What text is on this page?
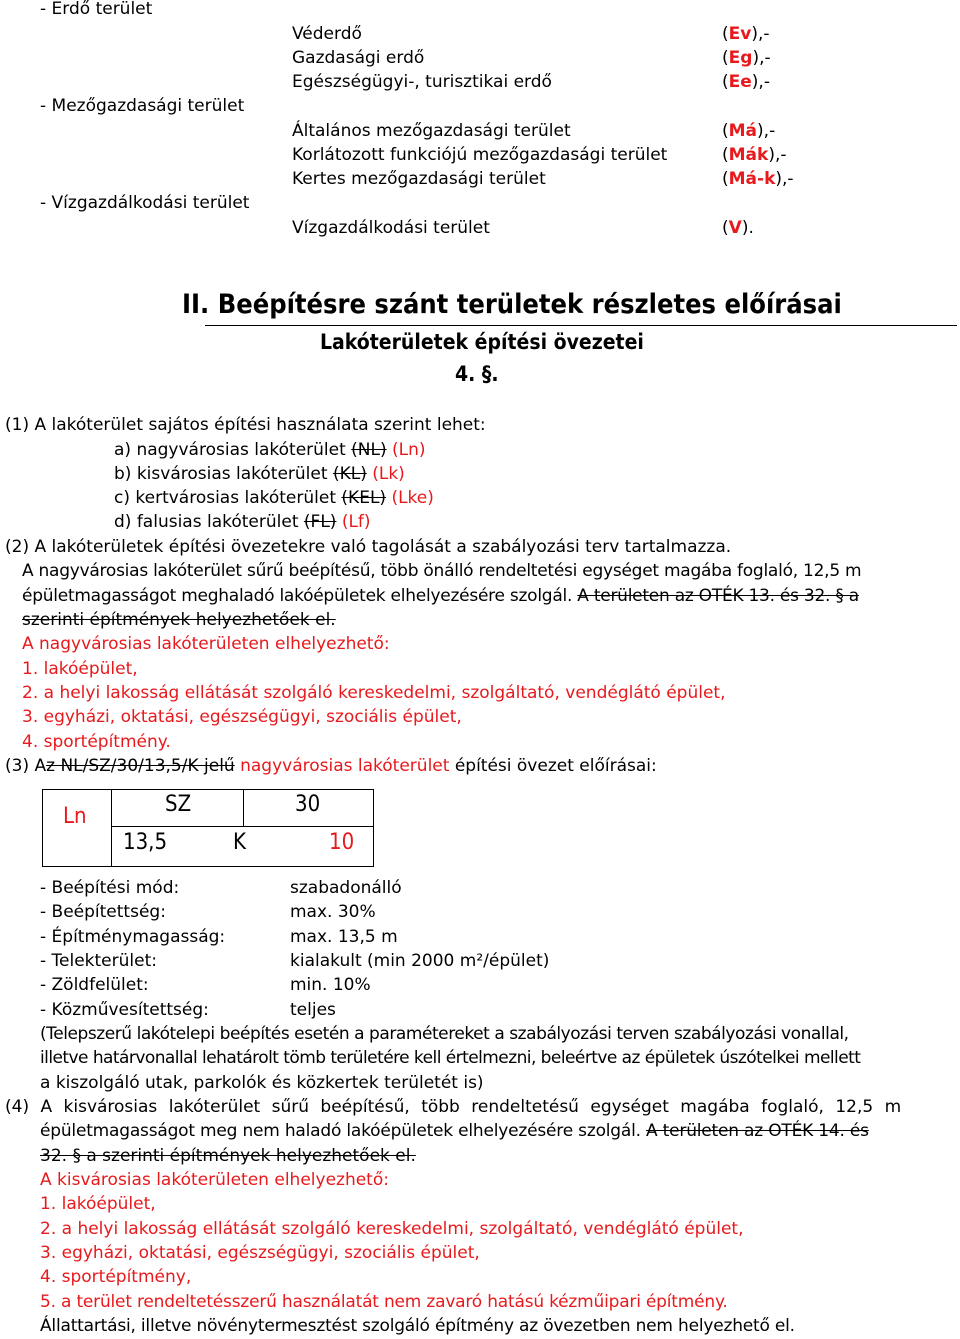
- Erdő terület
- Mezőgazdasági terület
- Vízgazdálkodási terület
Véderdő	(Ev),-
Gazdasági erdő	(Eg),-
Egészségügyi-, turisztikai erdő	(Ee),-
Általános mezőgazdasági terület	(Má),-
Korlátozott funkciójú mezőgazdasági terület	(Mák),-
Kertes mezőgazdasági terület	(Má-k),-
Vízgazdálkodási terület	(V).
II. Beépítésre szánt területek részletes előírásai
Lakóterületek építési övezetei
4. §.
(1) A lakóterület sajátos építési használata szerint lehet:
a) nagyvárosias lakóterület (NL) (Ln)
b) kisvárosias lakóterület (KL) (Lk)
c) kertvárosias lakóterület (KEL) (Lke)
d) falusias lakóterület (FL) (Lf)
(2) A lakóterületek építési övezetekre való tagolását a szabályozási terv tartalmazza.
A nagyvárosias lakóterület sűrű beépítésű, több önálló rendeltetési egységet magába foglaló, 12,5 m
épületmagasságot meghaladó lakóépületek elhelyezésére szolgál. A területen az OTÉK 13. és 32. § a
szerinti építmények helyezhetőek el.
A nagyvárosias lakóterületen elhelyezhető:
1. lakóépület,
2. a helyi lakosság ellátását szolgáló kereskedelmi, szolgáltató, vendéglátó épület,
3. egyházi, oktatási, egészségügyi, szociális épület,
4. sportépítmény.
(3) Az NL/SZ/30/13,5/K jelű nagyvárosias lakóterület építési övezet előírásai:
Ln	SZ	30
13,5	K	10
- Beépítési mód:	szabadonálló
- Beépítettség:	max. 30%
- Építménymagasság:	max. 13,5 m
- Telekterület:	kialakult (min 2000 m²/épület)
- Zöldfelület:	min. 10%
- Közművesítettség:	teljes
(Telepszerű lakótelepi beépítés esetén a paramétereket a szabályozási terven szabályozási vonallal,
illetve határvonallal lehatárolt tömb területére kell értelmezni, beleértve az épületek úszótelkei mellett
a kiszolgáló utak, parkolók és közkertek területét is)
(4) A kisvárosias lakóterület sűrű beépítésű, több rendeltetésű egységet magába foglaló, 12,5 m
épületmagasságot meg nem haladó lakóépületek elhelyezésére szolgál. A területen az OTÉK 14. és
32. § a szerinti építmények helyezhetőek el.
A kisvárosias lakóterületen elhelyezhető:
1. lakóépület,
2. a helyi lakosság ellátását szolgáló kereskedelmi, szolgáltató, vendéglátó épület,
3. egyházi, oktatási, egészségügyi, szociális épület,
4. sportépítmény,
5. a terület rendeltetésszerű használatát nem zavaró hatású kézműipari építmény.
Állattartási, illetve növénytermesztést szolgáló építmény az övezetben nem helyezhető el.
